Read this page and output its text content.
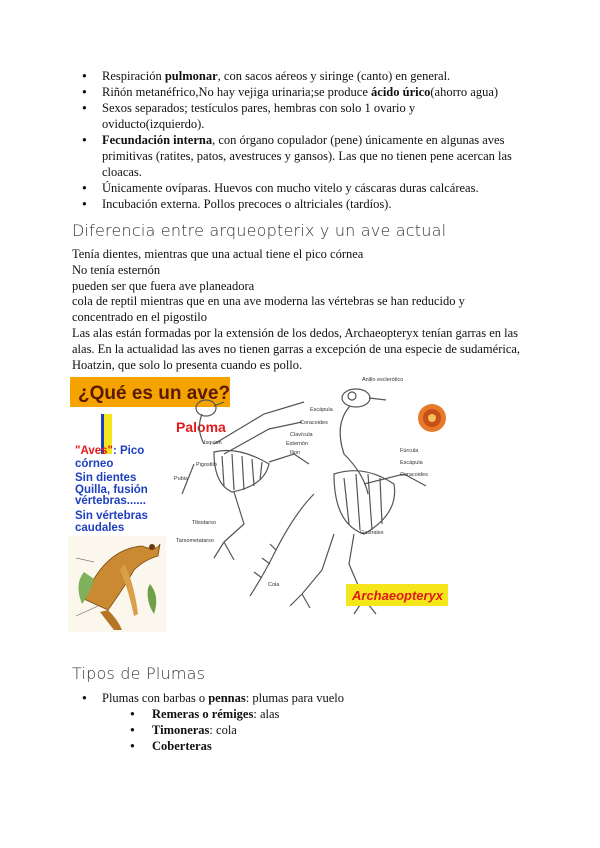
● Respiración pulmonar, con sacos aéreos y siringe (canto) en general.
● Riñón metanéfrico,No hay vejiga urinaria;se produce ácido úrico(ahorro agua)
● Sexos separados; testículos pares, hembras con solo 1 ovario y oviducto(izquierdo).
● Fecundación interna, con órgano copulador (pene) únicamente en algunas aves primitivas (ratites, patos, avestruces y gansos). Las que no tienen pene acercan las cloacas.
● Únicamente ovíparas. Huevos con mucho vitelo y cáscaras duras calcáreas.
● Incubación externa. Pollos precoces o altriciales (tardíos).
Diferencia entre arqueopterix y un ave actual

Tenía dientes, mientras que una actual tiene el pico córnea

No tenía esternón

pueden ser que fuera ave planeadora

cola de reptil mientras que en una ave moderna las vértebras se han reducido y concentrado en el pigostilo

Las alas están formadas por la extensión de los dedos, Archaeopteryx tenían garras en las alas. En la actualidad las aves no tienen garras a excepción de una especie de sudamérica, Hoatzin, que solo lo presenta cuando es pollo.

¿Qué es un ave?
Paloma
"Aves": Pico
córneo
Sin dientes
Quilla, fusión
vértebras......
Sin vértebras
caudales
Anillo esclerótico
Escápula
Coracoides
Clavícula
Esternón
Ilion
Isquion
Pubis
Pigostilo
Tibiotarso
Tarsometatarso
Cola
Gastrales
Fúrcula
Escápula
Coracoides
Archaeopteryx
Tipos de Plumas
● Plumas con barbas o pennas: plumas para vuelo
● Remeras o rémiges: alas
● Timoneras: cola
● Coberteras
